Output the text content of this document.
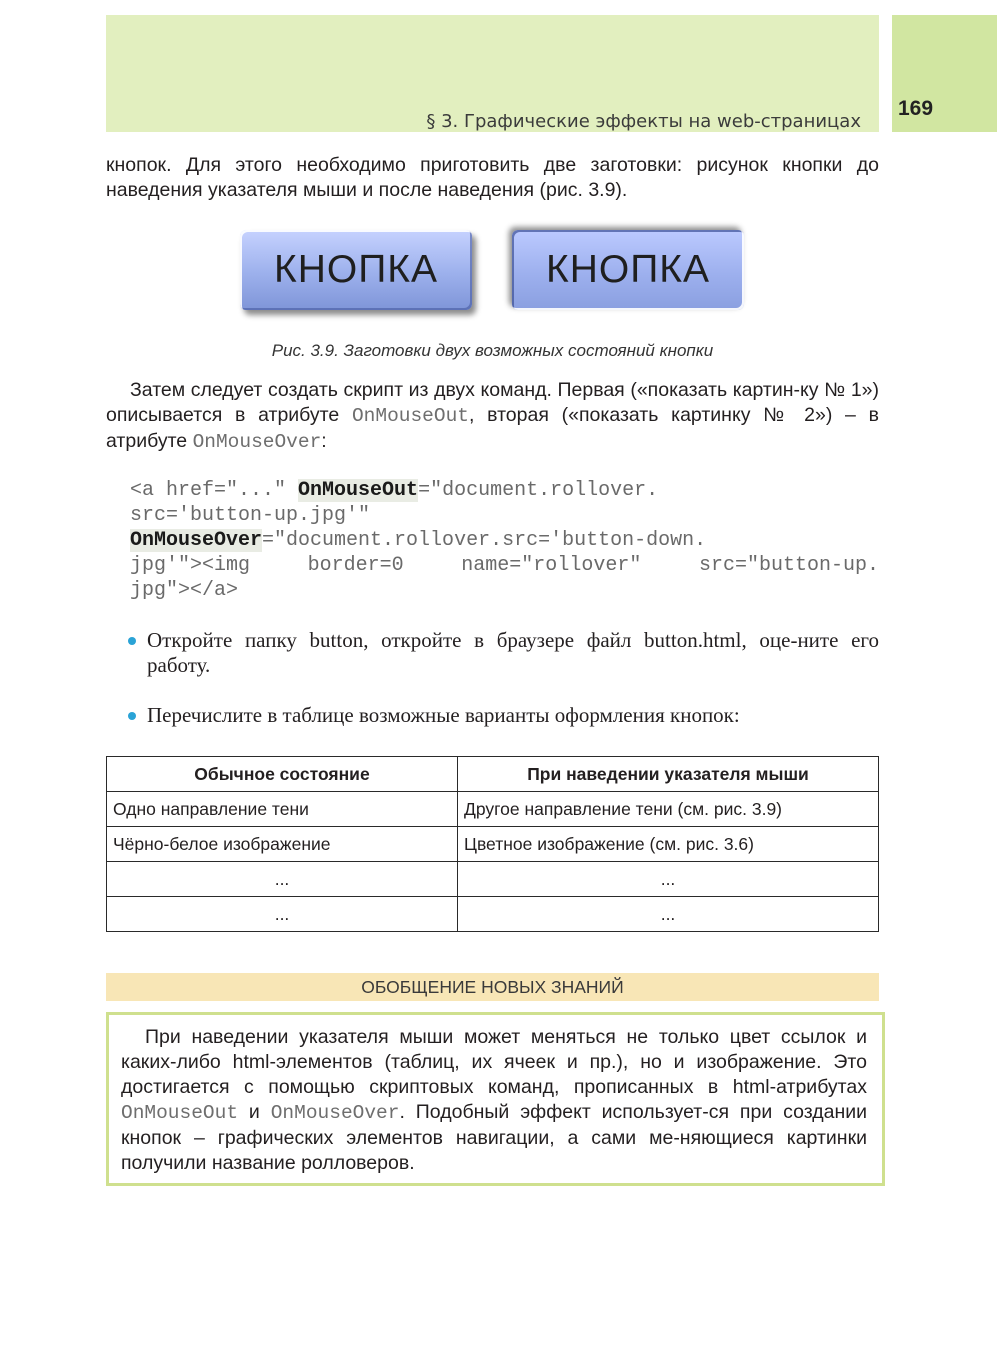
§ 3. Графические эффекты на web-страницах
169
кнопок. Для этого необходимо приготовить две заготовки: рисунок кнопки до наведения указателя мыши и после наведения (рис. 3.9).
КНОПКА	КНОПКА
Рис. 3.9. Заготовки двух возможных состояний кнопки
Затем следует создать скрипт из двух команд. Первая («показать картин-ку № 1») описывается в атрибуте OnMouseOut, вторая («показать картинку № 2») – в атрибуте OnMouseOver:
<a href="..." OnMouseOut="document.rollover.
src='button-up.jpg'"
OnMouseOver="document.rollover.src='button-down.
jpg'"><img	border=0	name="rollover"	src="button-up.
jpg"></a>
Откройте папку button, откройте в браузере файл button.html, оце-ните его работу.
Перечислите в таблице возможные варианты оформления кнопок:
Обычное состояние	При наведении указателя мыши
Одно направление тени	Другое направление тени (см. рис. 3.9)
Чёрно-белое изображение	Цветное изображение (см. рис. 3.6)
...	...
...	...
ОБОБЩЕНИЕ НОВЫХ ЗНАНИЙ
При наведении указателя мыши может меняться не только цвет ссылок и каких-либо html-элементов (таблиц, их ячеек и пр.), но и изображение. Это достигается с помощью скриптовых команд, прописанных в html-атрибутах OnMouseOut и OnMouseOver. Подобный эффект использует-ся при создании кнопок – графических элементов навигации, а сами ме-няющиеся картинки получили название ролловеров.
